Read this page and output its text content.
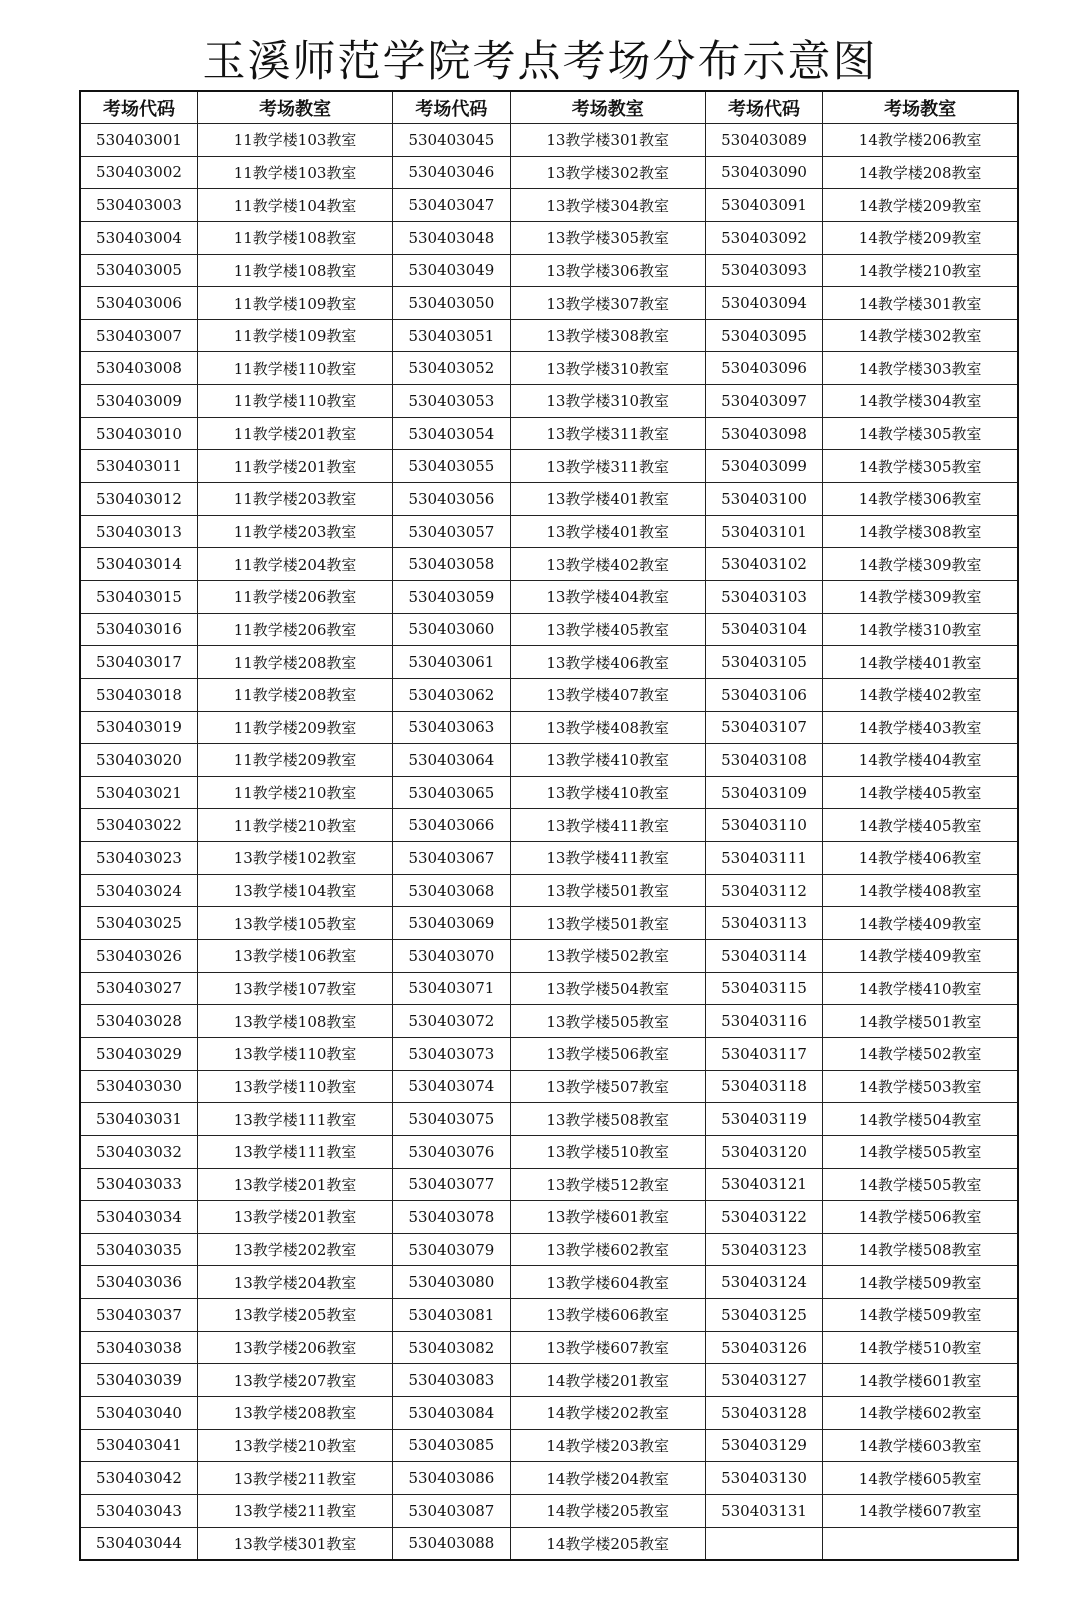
玉溪师范学院考点考场分布示意图
考场代码	考场教室	考场代码	考场教室	考场代码	考场教室
530403001	11教学楼103教室	530403045	13教学楼301教室	530403089	14教学楼206教室
530403002	11教学楼103教室	530403046	13教学楼302教室	530403090	14教学楼208教室
530403003	11教学楼104教室	530403047	13教学楼304教室	530403091	14教学楼209教室
530403004	11教学楼108教室	530403048	13教学楼305教室	530403092	14教学楼209教室
530403005	11教学楼108教室	530403049	13教学楼306教室	530403093	14教学楼210教室
530403006	11教学楼109教室	530403050	13教学楼307教室	530403094	14教学楼301教室
530403007	11教学楼109教室	530403051	13教学楼308教室	530403095	14教学楼302教室
530403008	11教学楼110教室	530403052	13教学楼310教室	530403096	14教学楼303教室
530403009	11教学楼110教室	530403053	13教学楼310教室	530403097	14教学楼304教室
530403010	11教学楼201教室	530403054	13教学楼311教室	530403098	14教学楼305教室
530403011	11教学楼201教室	530403055	13教学楼311教室	530403099	14教学楼305教室
530403012	11教学楼203教室	530403056	13教学楼401教室	530403100	14教学楼306教室
530403013	11教学楼203教室	530403057	13教学楼401教室	530403101	14教学楼308教室
530403014	11教学楼204教室	530403058	13教学楼402教室	530403102	14教学楼309教室
530403015	11教学楼206教室	530403059	13教学楼404教室	530403103	14教学楼309教室
530403016	11教学楼206教室	530403060	13教学楼405教室	530403104	14教学楼310教室
530403017	11教学楼208教室	530403061	13教学楼406教室	530403105	14教学楼401教室
530403018	11教学楼208教室	530403062	13教学楼407教室	530403106	14教学楼402教室
530403019	11教学楼209教室	530403063	13教学楼408教室	530403107	14教学楼403教室
530403020	11教学楼209教室	530403064	13教学楼410教室	530403108	14教学楼404教室
530403021	11教学楼210教室	530403065	13教学楼410教室	530403109	14教学楼405教室
530403022	11教学楼210教室	530403066	13教学楼411教室	530403110	14教学楼405教室
530403023	13教学楼102教室	530403067	13教学楼411教室	530403111	14教学楼406教室
530403024	13教学楼104教室	530403068	13教学楼501教室	530403112	14教学楼408教室
530403025	13教学楼105教室	530403069	13教学楼501教室	530403113	14教学楼409教室
530403026	13教学楼106教室	530403070	13教学楼502教室	530403114	14教学楼409教室
530403027	13教学楼107教室	530403071	13教学楼504教室	530403115	14教学楼410教室
530403028	13教学楼108教室	530403072	13教学楼505教室	530403116	14教学楼501教室
530403029	13教学楼110教室	530403073	13教学楼506教室	530403117	14教学楼502教室
530403030	13教学楼110教室	530403074	13教学楼507教室	530403118	14教学楼503教室
530403031	13教学楼111教室	530403075	13教学楼508教室	530403119	14教学楼504教室
530403032	13教学楼111教室	530403076	13教学楼510教室	530403120	14教学楼505教室
530403033	13教学楼201教室	530403077	13教学楼512教室	530403121	14教学楼505教室
530403034	13教学楼201教室	530403078	13教学楼601教室	530403122	14教学楼506教室
530403035	13教学楼202教室	530403079	13教学楼602教室	530403123	14教学楼508教室
530403036	13教学楼204教室	530403080	13教学楼604教室	530403124	14教学楼509教室
530403037	13教学楼205教室	530403081	13教学楼606教室	530403125	14教学楼509教室
530403038	13教学楼206教室	530403082	13教学楼607教室	530403126	14教学楼510教室
530403039	13教学楼207教室	530403083	14教学楼201教室	530403127	14教学楼601教室
530403040	13教学楼208教室	530403084	14教学楼202教室	530403128	14教学楼602教室
530403041	13教学楼210教室	530403085	14教学楼203教室	530403129	14教学楼603教室
530403042	13教学楼211教室	530403086	14教学楼204教室	530403130	14教学楼605教室
530403043	13教学楼211教室	530403087	14教学楼205教室	530403131	14教学楼607教室
530403044	13教学楼301教室	530403088	14教学楼205教室		
